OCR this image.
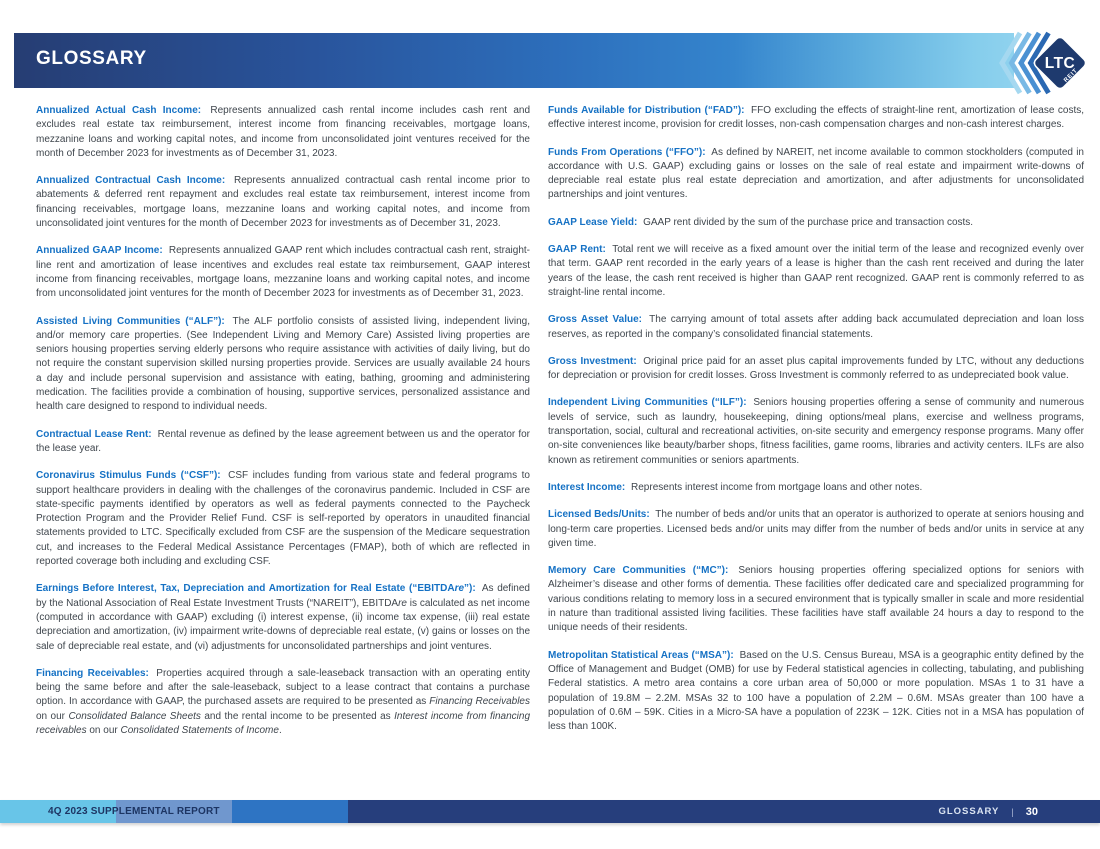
GLOSSARY	LTC
REIT

Annualized Actual Cash Income: Represents annualized cash rental income includes cash rent and excludes real estate tax reimbursement, interest income from financing receivables, mortgage loans, mezzanine loans and working capital notes, and income from unconsolidated joint ventures received for the month of December 2023 for investments as of December 31, 2023.

Annualized Contractual Cash Income: Represents annualized contractual cash rental income prior to abatements & deferred rent repayment and excludes real estate tax reimbursement, interest income from financing receivables, mortgage loans, mezzanine loans and working capital notes, and income from unconsolidated joint ventures for the month of December 2023 for investments as of December 31, 2023.

Annualized GAAP Income: Represents annualized GAAP rent which includes contractual cash rent, straight-line rent and amortization of lease incentives and excludes real estate tax reimbursement, GAAP interest income from financing receivables, mortgage loans, mezzanine loans and working capital notes, and income from unconsolidated joint ventures for the month of December 2023 for investments as of December 31, 2023.

Assisted Living Communities (“ALF”): The ALF portfolio consists of assisted living, independent living, and/or memory care properties. (See Independent Living and Memory Care) Assisted living properties are seniors housing properties serving elderly persons who require assistance with activities of daily living, but do not require the constant supervision skilled nursing properties provide. Services are usually available 24 hours a day and include personal supervision and assistance with eating, bathing, grooming and administering medication. The facilities provide a combination of housing, supportive services, personalized assistance and health care designed to respond to individual needs.

Contractual Lease Rent: Rental revenue as defined by the lease agreement between us and the operator for the lease year.

Coronavirus Stimulus Funds (“CSF”): CSF includes funding from various state and federal programs to support healthcare providers in dealing with the challenges of the coronavirus pandemic. Included in CSF are state-specific payments identified by operators as well as federal payments connected to the Paycheck Protection Program and the Provider Relief Fund. CSF is self-reported by operators in unaudited financial statements provided to LTC. Specifically excluded from CSF are the suspension of the Medicare sequestration cut, and increases to the Federal Medical Assistance Percentages (FMAP), both of which are reflected in reported coverage both including and excluding CSF.

Earnings Before Interest, Tax, Depreciation and Amortization for Real Estate (“EBITDAre”): As defined by the National Association of Real Estate Investment Trusts (“NAREIT”), EBITDAre is calculated as net income (computed in accordance with GAAP) excluding (i) interest expense, (ii) income tax expense, (iii) real estate depreciation and amortization, (iv) impairment write-downs of depreciable real estate, (v) gains or losses on the sale of depreciable real estate, and (vi) adjustments for unconsolidated partnerships and joint ventures.

Financing Receivables: Properties acquired through a sale-leaseback transaction with an operating entity being the same before and after the sale-leaseback, subject to a lease contract that contains a purchase option. In accordance with GAAP, the purchased assets are required to be presented as Financing Receivables on our Consolidated Balance Sheets and the rental income to be presented as Interest income from financing receivables on our Consolidated Statements of Income.

Funds Available for Distribution (“FAD”): FFO excluding the effects of straight-line rent, amortization of lease costs, effective interest income, provision for credit losses, non-cash compensation charges and non-cash interest charges.

Funds From Operations (“FFO”): As defined by NAREIT, net income available to common stockholders (computed in accordance with U.S. GAAP) excluding gains or losses on the sale of real estate and impairment write-downs of depreciable real estate plus real estate depreciation and amortization, and after adjustments for unconsolidated partnerships and joint ventures.

GAAP Lease Yield: GAAP rent divided by the sum of the purchase price and transaction costs.

GAAP Rent: Total rent we will receive as a fixed amount over the initial term of the lease and recognized evenly over that term. GAAP rent recorded in the early years of a lease is higher than the cash rent received and during the later years of the lease, the cash rent received is higher than GAAP rent recognized. GAAP rent is commonly referred to as straight-line rental income.

Gross Asset Value: The carrying amount of total assets after adding back accumulated depreciation and loan loss reserves, as reported in the company’s consolidated financial statements.

Gross Investment: Original price paid for an asset plus capital improvements funded by LTC, without any deductions for depreciation or provision for credit losses. Gross Investment is commonly referred to as undepreciated book value.

Independent Living Communities (“ILF”): Seniors housing properties offering a sense of community and numerous levels of service, such as laundry, housekeeping, dining options/meal plans, exercise and wellness programs, transportation, social, cultural and recreational activities, on-site security and emergency response programs. Many offer on-site conveniences like beauty/barber shops, fitness facilities, game rooms, libraries and activity centers. ILFs are also known as retirement communities or seniors apartments.

Interest Income: Represents interest income from mortgage loans and other notes.

Licensed Beds/Units: The number of beds and/or units that an operator is authorized to operate at seniors housing and long-term care properties. Licensed beds and/or units may differ from the number of beds and/or units in service at any given time.

Memory Care Communities (“MC”): Seniors housing properties offering specialized options for seniors with Alzheimer’s disease and other forms of dementia. These facilities offer dedicated care and specialized programming for various conditions relating to memory loss in a secured environment that is typically smaller in scale and more residential in nature than traditional assisted living facilities. These facilities have staff available 24 hours a day to respond to the unique needs of their residents.

Metropolitan Statistical Areas (“MSA”): Based on the U.S. Census Bureau, MSA is a geographic entity defined by the Office of Management and Budget (OMB) for use by Federal statistical agencies in collecting, tabulating, and publishing Federal statistics. A metro area contains a core urban area of 50,000 or more population. MSAs 1 to 31 have a population of 19.8M – 2.2M. MSAs 32 to 100 have a population of 2.2M – 0.6M. MSAs greater than 100 have a population of 0.6M – 59K. Cities in a Micro-SA have a population of 223K – 12K. Cities not in a MSA has population of less than 100K.

4Q 2023 SUPPLEMENTAL REPORT	GLOSSARY | 30
